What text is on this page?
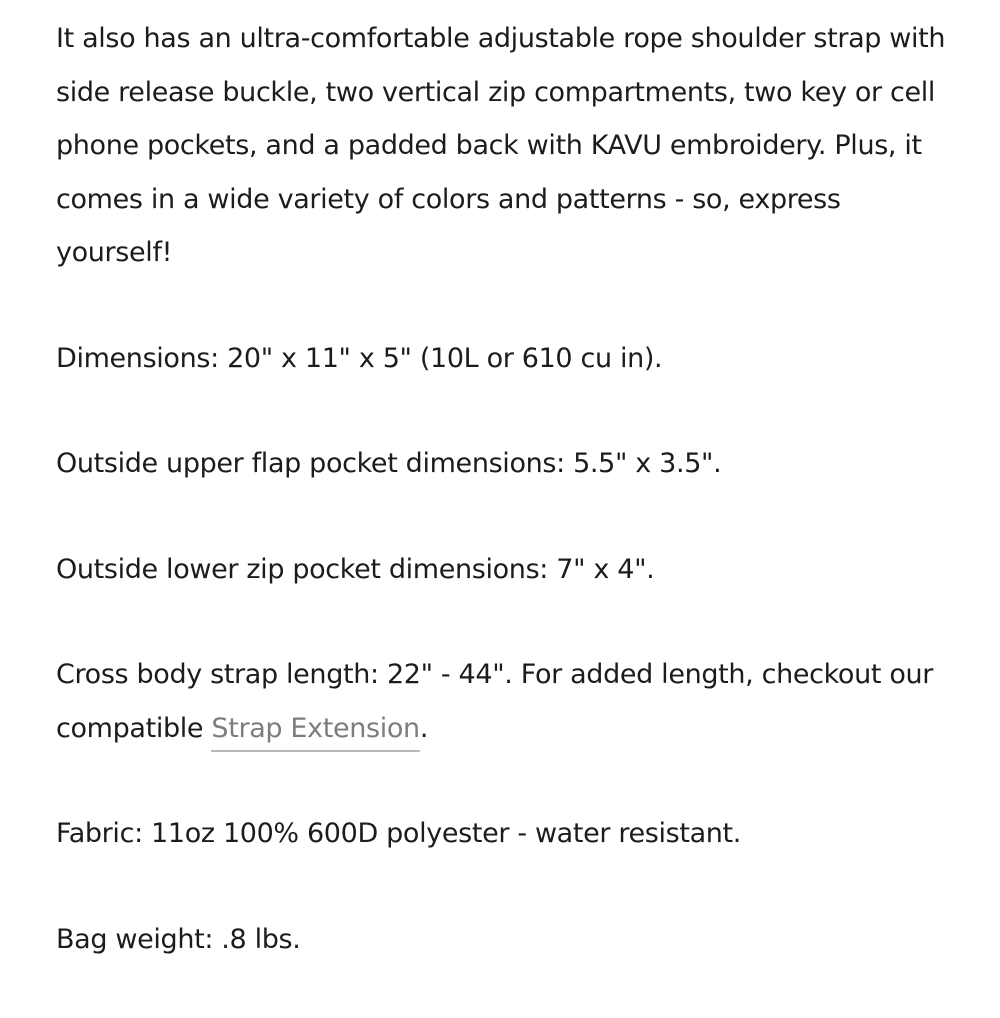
It also has an ultra-comfortable adjustable rope shoulder strap with side release buckle, two vertical zip compartments, two key or cell phone pockets, and a padded back with KAVU embroidery. Plus, it comes in a wide variety of colors and patterns - so, express yourself!

Dimensions: 20" x 11" x 5" (10L or 610 cu in).

Outside upper flap pocket dimensions: 5.5" x 3.5".

Outside lower zip pocket dimensions: 7" x 4".

Cross body strap length: 22" - 44". For added length, checkout our compatible Strap Extension.

Fabric: 11oz 100% 600D polyester - water resistant.

Bag weight: .8 lbs.
